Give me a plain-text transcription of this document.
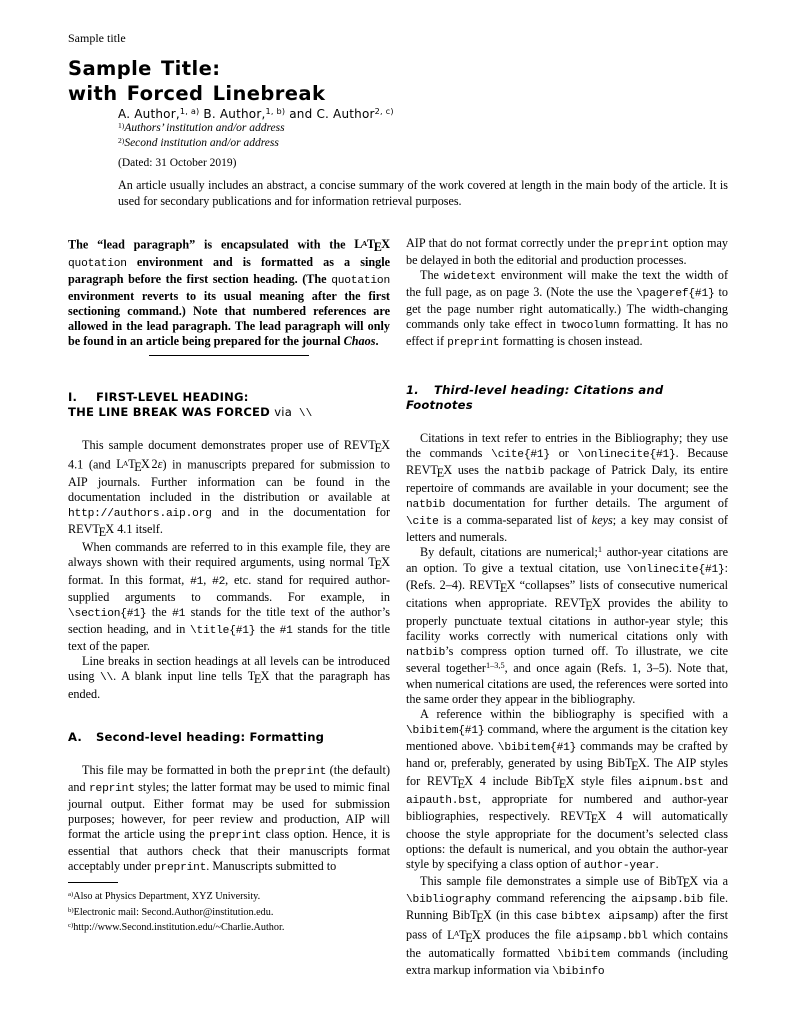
Sample title
Sample Title:
with Forced Linebreak
A. Author,$^{1, a)}$ B. Author,$^{1, b)}$ and C. Author$^{2, c)}$
$^{1)}$Authors’ institution and/or address
$^{2)}$Second institution and/or address
(Dated: 31 October 2019)
An article usually includes an abstract, a concise summary of the work covered at length in the main body of the article. It is used for secondary publications and for information retrieval purposes.

The “lead paragraph” is encapsulated with the LATEX quotation environment and is formatted as a single paragraph before the first section heading. (The quotation environment reverts to its usual meaning after the first sectioning command.) Note that numbered references are allowed in the lead paragraph. The lead paragraph will only be found in an article being prepared for the journal Chaos.

I. FIRST-LEVEL HEADING:
THE LINE BREAK WAS FORCED via \\

This sample document demonstrates proper use of REVTEX 4.1 (and LATEX 2ε) in manuscripts prepared for submission to AIP journals. Further information can be found in the documentation included in the distribution or available at http://authors.aip.org and in the documentation for REVTEX 4.1 itself.

When commands are referred to in this example file, they are always shown with their required arguments, using normal TEX format. In this format, #1, #2, etc. stand for required author-supplied arguments to commands. For example, in \section{#1} the #1 stands for the title text of the author’s section heading, and in \title{#1} the #1 stands for the title text of the paper.

Line breaks in section headings at all levels can be introduced using \\. A blank input line tells TEX that the paragraph has ended.

A. Second-level heading: Formatting

This file may be formatted in both the preprint (the default) and reprint styles; the latter format may be used to mimic final journal output. Either format may be used for submission purposes; however, for peer review and production, AIP will format the article using the preprint class option. Hence, it is essential that authors check that their manuscripts format acceptably under preprint. Manuscripts submitted to

$^{a)}$Also at Physics Department, XYZ University.
$^{b)}$Electronic mail: Second.Author@institution.edu.
$^{c)}$http://www.Second.institution.edu/~Charlie.Author.

AIP that do not format correctly under the preprint option may be delayed in both the editorial and production processes.

The widetext environment will make the text the width of the full page, as on page 3. (Note the use the \pageref{#1} to get the page number right automatically.) The width-changing commands only take effect in twocolumn formatting. It has no effect if preprint formatting is chosen instead.

1. Third-level heading: Citations and Footnotes

Citations in text refer to entries in the Bibliography; they use the commands \cite{#1} or \onlinecite{#1}. Because REVTEX uses the natbib package of Patrick Daly, its entire repertoire of commands are available in your document; see the natbib documentation for further details. The argument of \cite is a comma-separated list of keys; a key may consist of letters and numerals.

By default, citations are numerical;$^1$ author-year citations are an option. To give a textual citation, use \onlinecite{#1}: (Refs. 2–4). REVTEX “collapses” lists of consecutive numerical citations when appropriate. REVTEX provides the ability to properly punctuate textual citations in author-year style; this facility works correctly with numerical citations only with natbib’s compress option turned off. To illustrate, we cite several together$^{1-3,5}$, and once again (Refs. 1, 3–5). Note that, when numerical citations are used, the references were sorted into the same order they appear in the bibliography.

A reference within the bibliography is specified with a \bibitem{#1} command, where the argument is the citation key mentioned above. \bibitem{#1} commands may be crafted by hand or, preferably, generated by using BibTEX. The AIP styles for REVTEX 4 include BibTEX style files aipnum.bst and aipauth.bst, appropriate for numbered and author-year bibliographies, respectively. REVTEX 4 will automatically choose the style appropriate for the document’s selected class options: the default is numerical, and you obtain the author-year style by specifying a class option of author-year.

This sample file demonstrates a simple use of BibTEX via a \bibliography command referencing the aipsamp.bib file. Running BibTEX (in this case bibtex aipsamp) after the first pass of LATEX produces the file aipsamp.bbl which contains the automatically formatted \bibitem commands (including extra markup information via \bibinfo
